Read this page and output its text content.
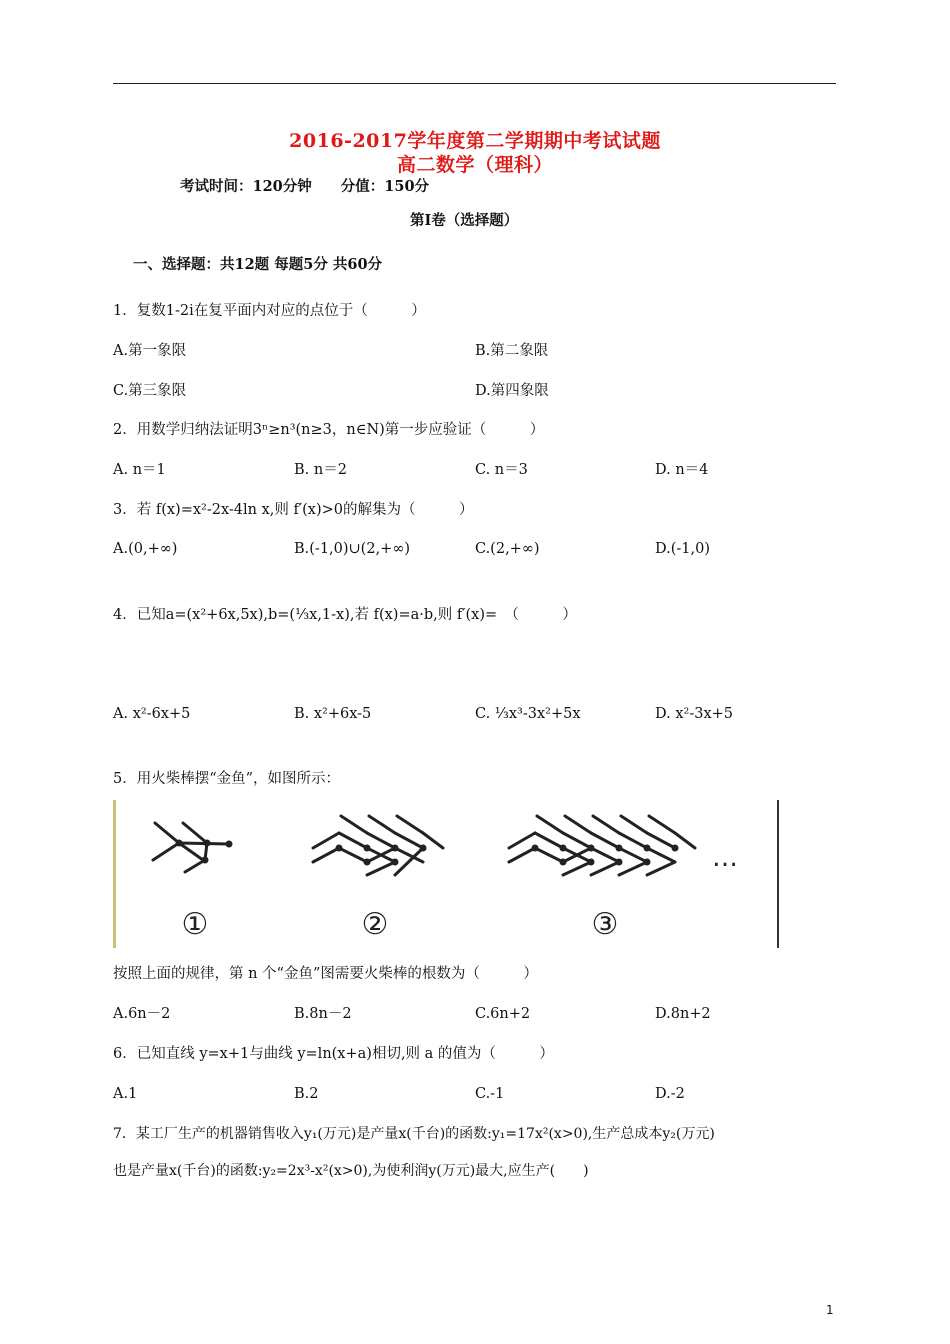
2016-2017学年度第二学期期中考试试题
高二数学（理科）
考试时间：120分钟　　分值：150分
第I卷（选择题）
一、选择题：共12题 每题5分 共60分
1．复数1-2i在复平面内对应的点位于（　　　）
A.第一象限	B.第二象限
C.第三象限	D.第四象限
2．用数学归纳法证明3ⁿ≥n³(n≥3，n∈N)第一步应验证（　　　）
A. n＝1	B. n＝2	C. n＝3	D. n＝4
3．若 f(x)=x²-2x-4ln x,则 f′(x)>0的解集为（　　　）
A.(0,+∞)	B.(-1,0)∪(2,+∞)	C.(2,+∞)	D.(-1,0)
4．已知a=(x²+6x,5x),b=(⅓x,1-x),若 f(x)=a·b,则 f′(x)=　（　　　）
A. x²-6x+5	B. x²+6x-5	C. ⅓x³-3x²+5x	D. x²-3x+5
5．用火柴棒摆“金鱼”，如图所示：
①	②	③
…
按照上面的规律，第 n 个“金鱼”图需要火柴棒的根数为（　　　）
A.6n－2	B.8n－2	C.6n+2	D.8n+2
6．已知直线 y=x+1与曲线 y=ln(x+a)相切,则 a 的值为（　　　）
A.1	B.2	C.-1	D.-2
7．某工厂生产的机器销售收入y₁(万元)是产量x(千台)的函数:y₁=17x²(x>0),生产总成本y₂(万元)
也是产量x(千台)的函数:y₂=2x³-x²(x>0),为使利润y(万元)最大,应生产(　　)
1
